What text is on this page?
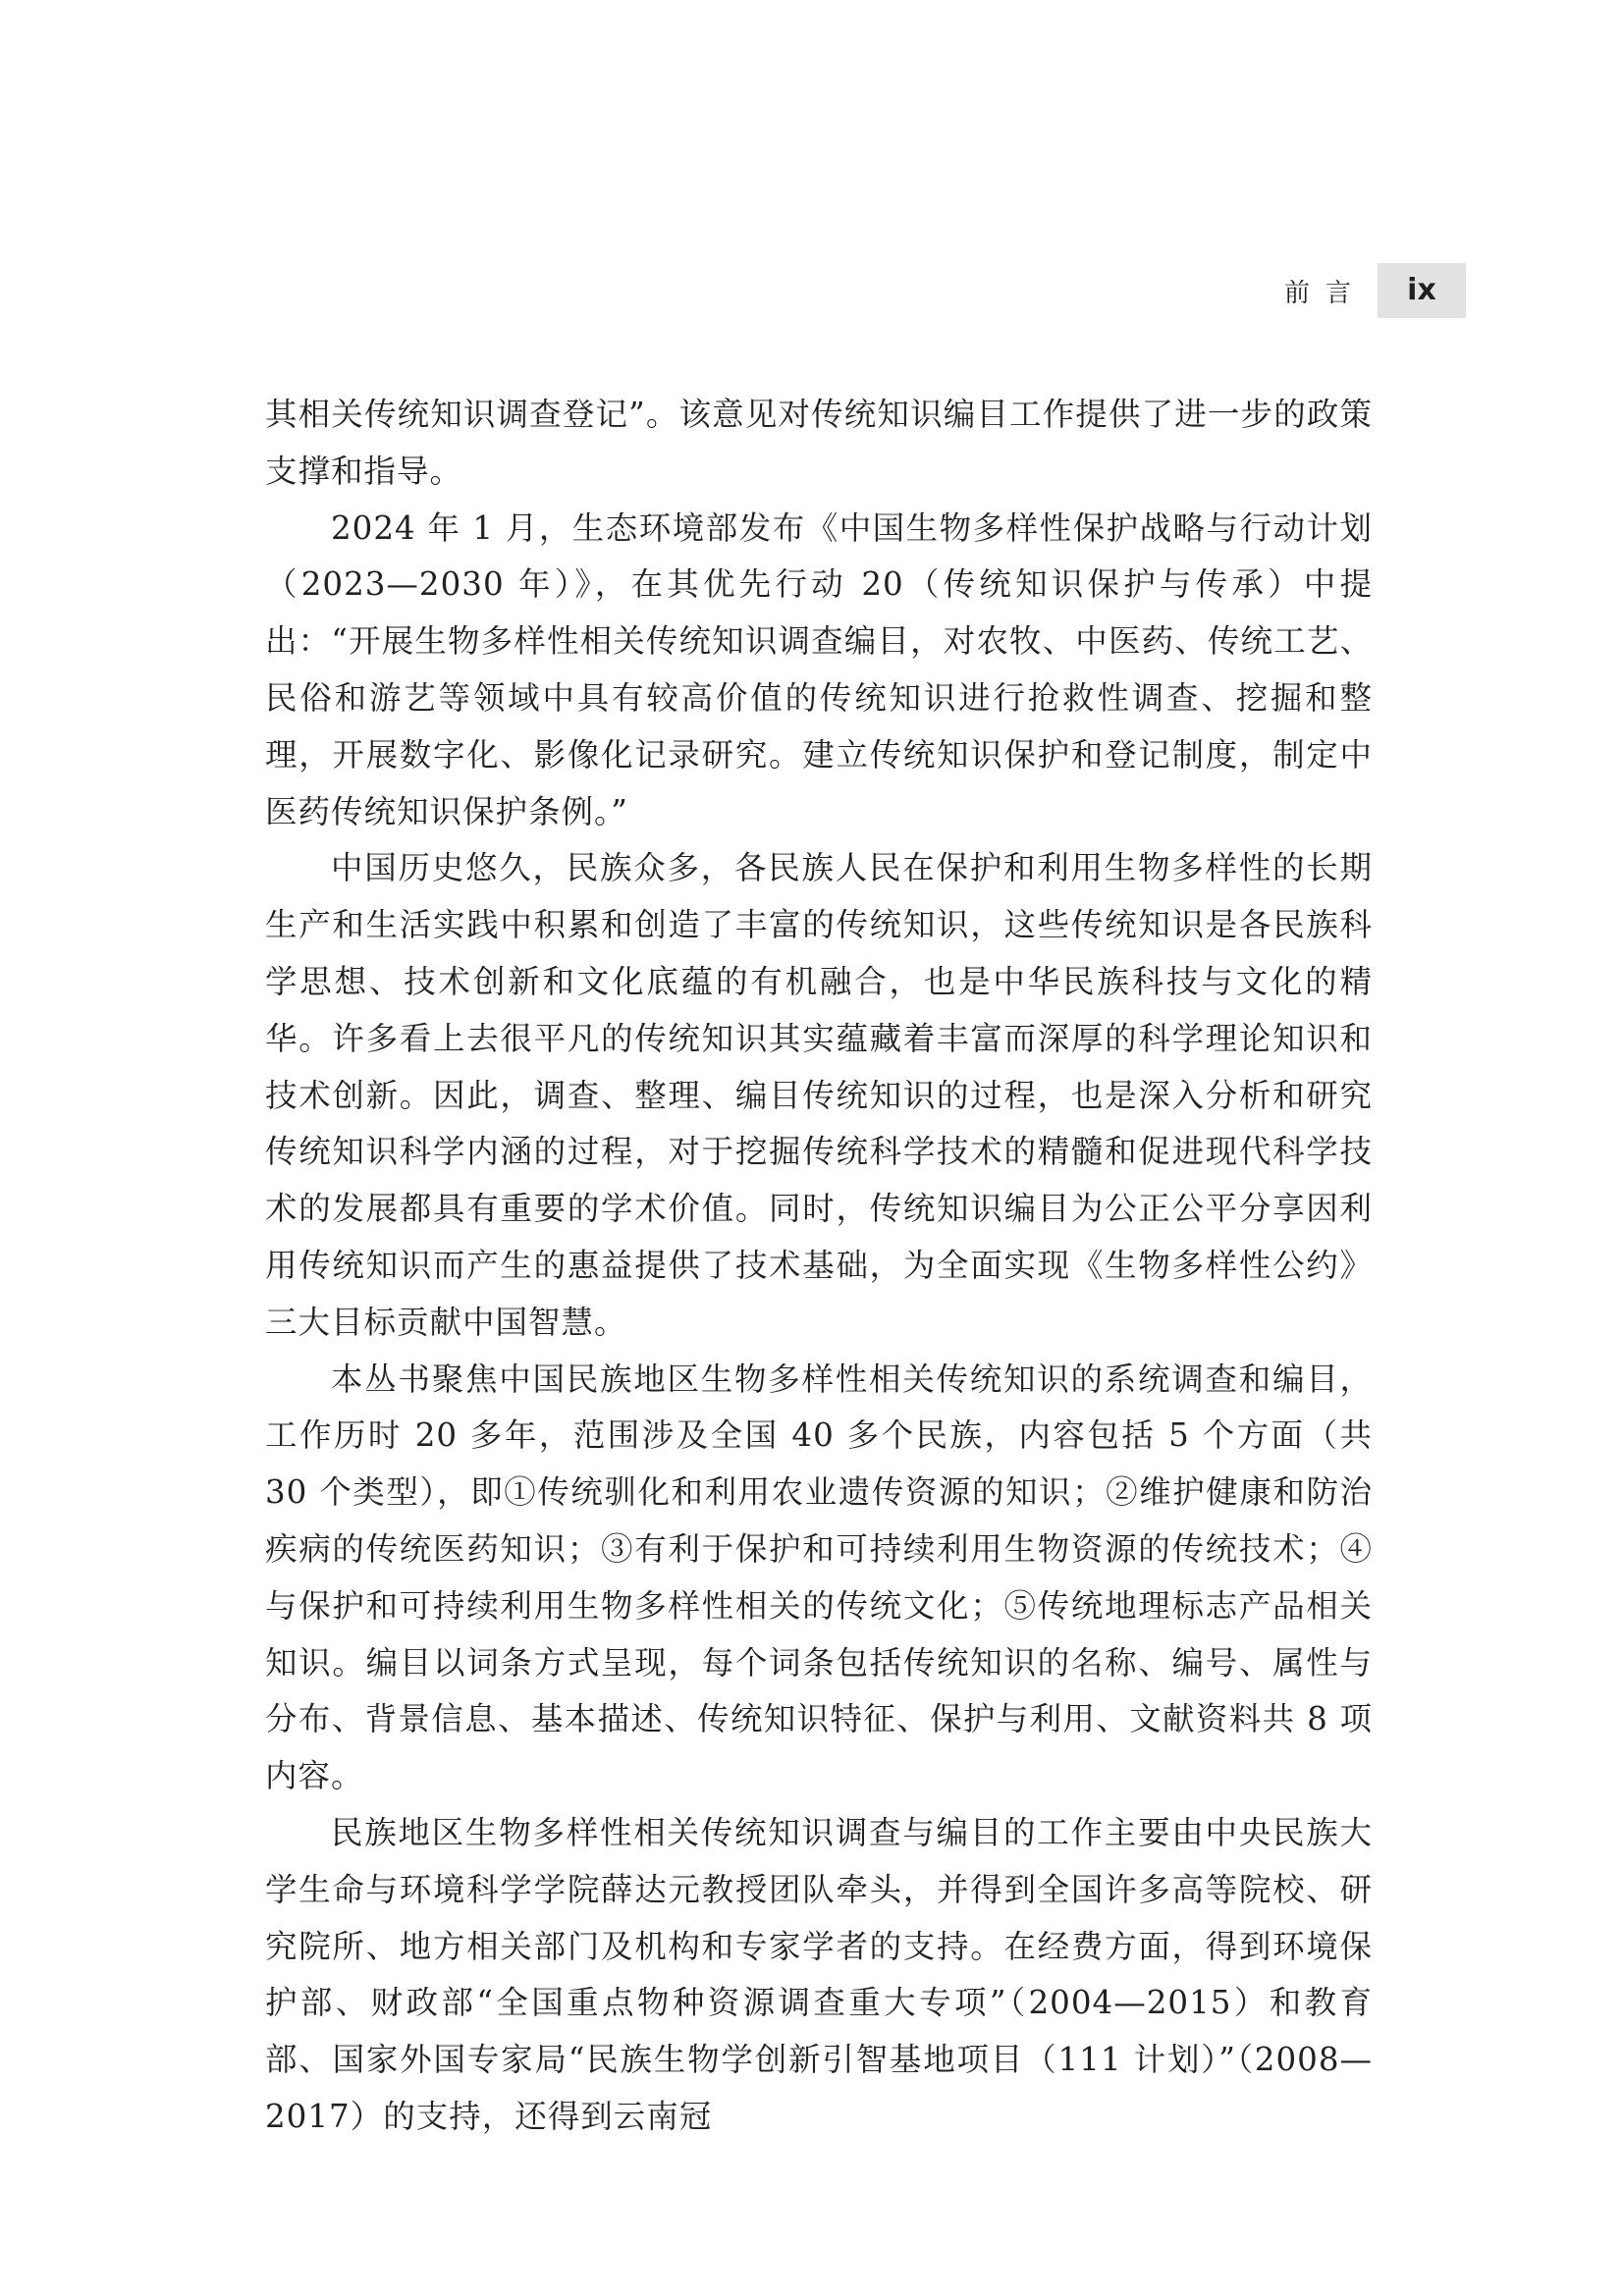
前言	ix

其相关传统知识调查登记”。该意见对传统知识编目工作提供了进一步的政策支撑和指导。

2024 年 1 月，生态环境部发布《中国生物多样性保护战略与行动计划（2023—2030 年）》，在其优先行动 20（传统知识保护与传承）中提出：“开展生物多样性相关传统知识调查编目，对农牧、中医药、传统工艺、民俗和游艺等领域中具有较高价值的传统知识进行抢救性调查、挖掘和整理，开展数字化、影像化记录研究。建立传统知识保护和登记制度，制定中医药传统知识保护条例。”

中国历史悠久，民族众多，各民族人民在保护和利用生物多样性的长期生产和生活实践中积累和创造了丰富的传统知识，这些传统知识是各民族科学思想、技术创新和文化底蕴的有机融合，也是中华民族科技与文化的精华。许多看上去很平凡的传统知识其实蕴藏着丰富而深厚的科学理论知识和技术创新。因此，调查、整理、编目传统知识的过程，也是深入分析和研究传统知识科学内涵的过程，对于挖掘传统科学技术的精髓和促进现代科学技术的发展都具有重要的学术价值。同时，传统知识编目为公正公平分享因利用传统知识而产生的惠益提供了技术基础，为全面实现《生物多样性公约》三大目标贡献中国智慧。

本丛书聚焦中国民族地区生物多样性相关传统知识的系统调查和编目，工作历时 20 多年，范围涉及全国 40 多个民族，内容包括 5 个方面（共 30 个类型），即①传统驯化和利用农业遗传资源的知识；②维护健康和防治疾病的传统医药知识；③有利于保护和可持续利用生物资源的传统技术；④与保护和可持续利用生物多样性相关的传统文化；⑤传统地理标志产品相关知识。编目以词条方式呈现，每个词条包括传统知识的名称、编号、属性与分布、背景信息、基本描述、传统知识特征、保护与利用、文献资料共 8 项内容。

民族地区生物多样性相关传统知识调查与编目的工作主要由中央民族大学生命与环境科学学院薛达元教授团队牵头，并得到全国许多高等院校、研究院所、地方相关部门及机构和专家学者的支持。在经费方面，得到环境保护部、财政部“全国重点物种资源调查重大专项”（2004—2015）和教育部、国家外国专家局“民族生物学创新引智基地项目（111 计划）”（2008—2017）的支持，还得到云南冠
